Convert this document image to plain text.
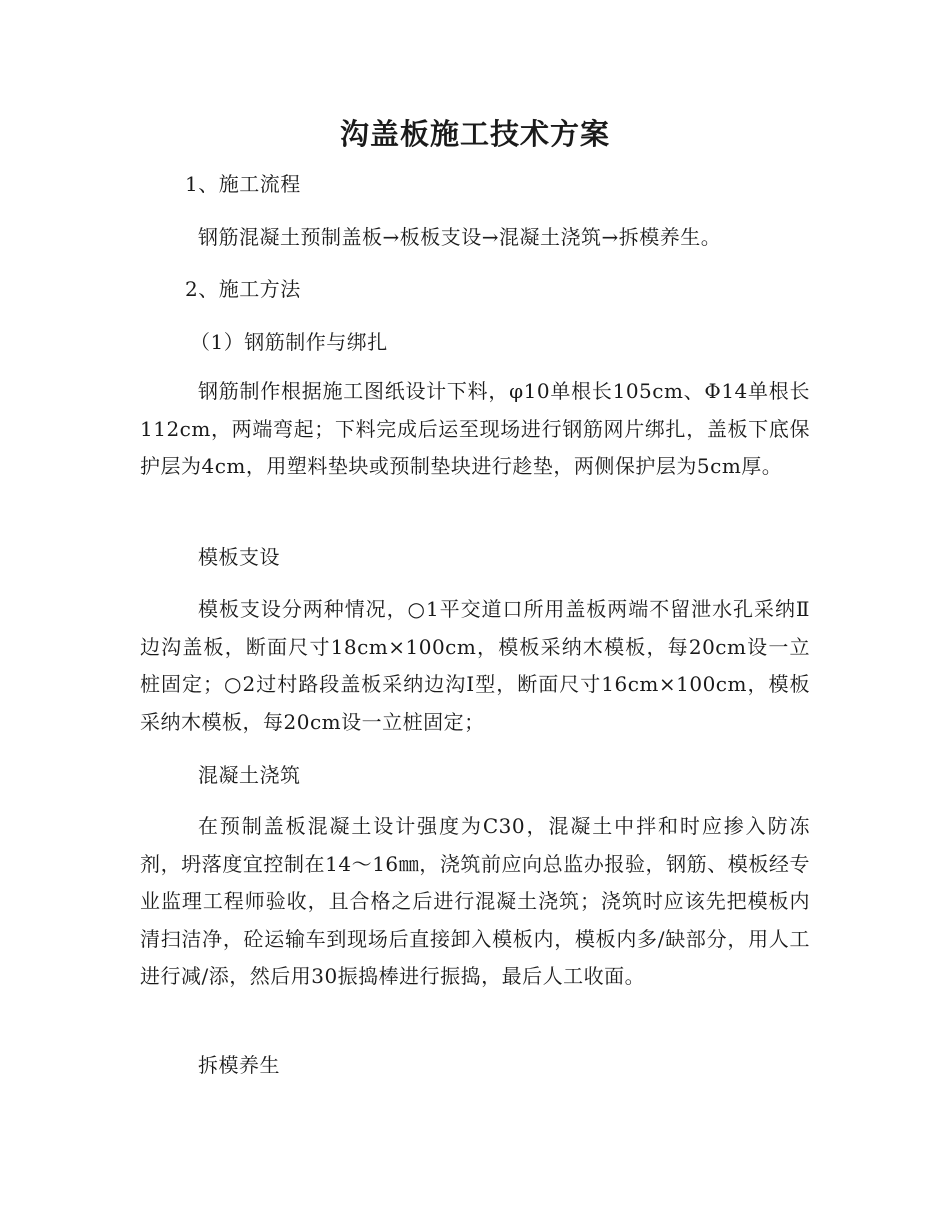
沟盖板施工技术方案
1、施工流程
钢筋混凝土预制盖板→板板支设→混凝土浇筑→拆模养生。
2、施工方法
（1）钢筋制作与绑扎
钢筋制作根据施工图纸设计下料，φ10单根长105cm、Φ14单根长112cm，两端弯起；下料完成后运至现场进行钢筋网片绑扎，盖板下底保护层为4cm，用塑料垫块或预制垫块进行趁垫，两侧保护层为5cm厚。
模板支设
模板支设分两种情况，○1平交道口所用盖板两端不留泄水孔采纳Ⅱ边沟盖板，断面尺寸18cm×100cm，模板采纳木模板，每20cm设一立桩固定；○2过村路段盖板采纳边沟Ⅰ型，断面尺寸16cm×100cm，模板采纳木模板，每20cm设一立桩固定；
混凝土浇筑
在预制盖板混凝土设计强度为C30，混凝土中拌和时应掺入防冻剂，坍落度宜控制在14～16㎜，浇筑前应向总监办报验，钢筋、模板经专业监理工程师验收，且合格之后进行混凝土浇筑；浇筑时应该先把模板内清扫洁净，砼运输车到现场后直接卸入模板内，模板内多/缺部分，用人工进行减/添，然后用30振捣棒进行振捣，最后人工收面。
拆模养生
